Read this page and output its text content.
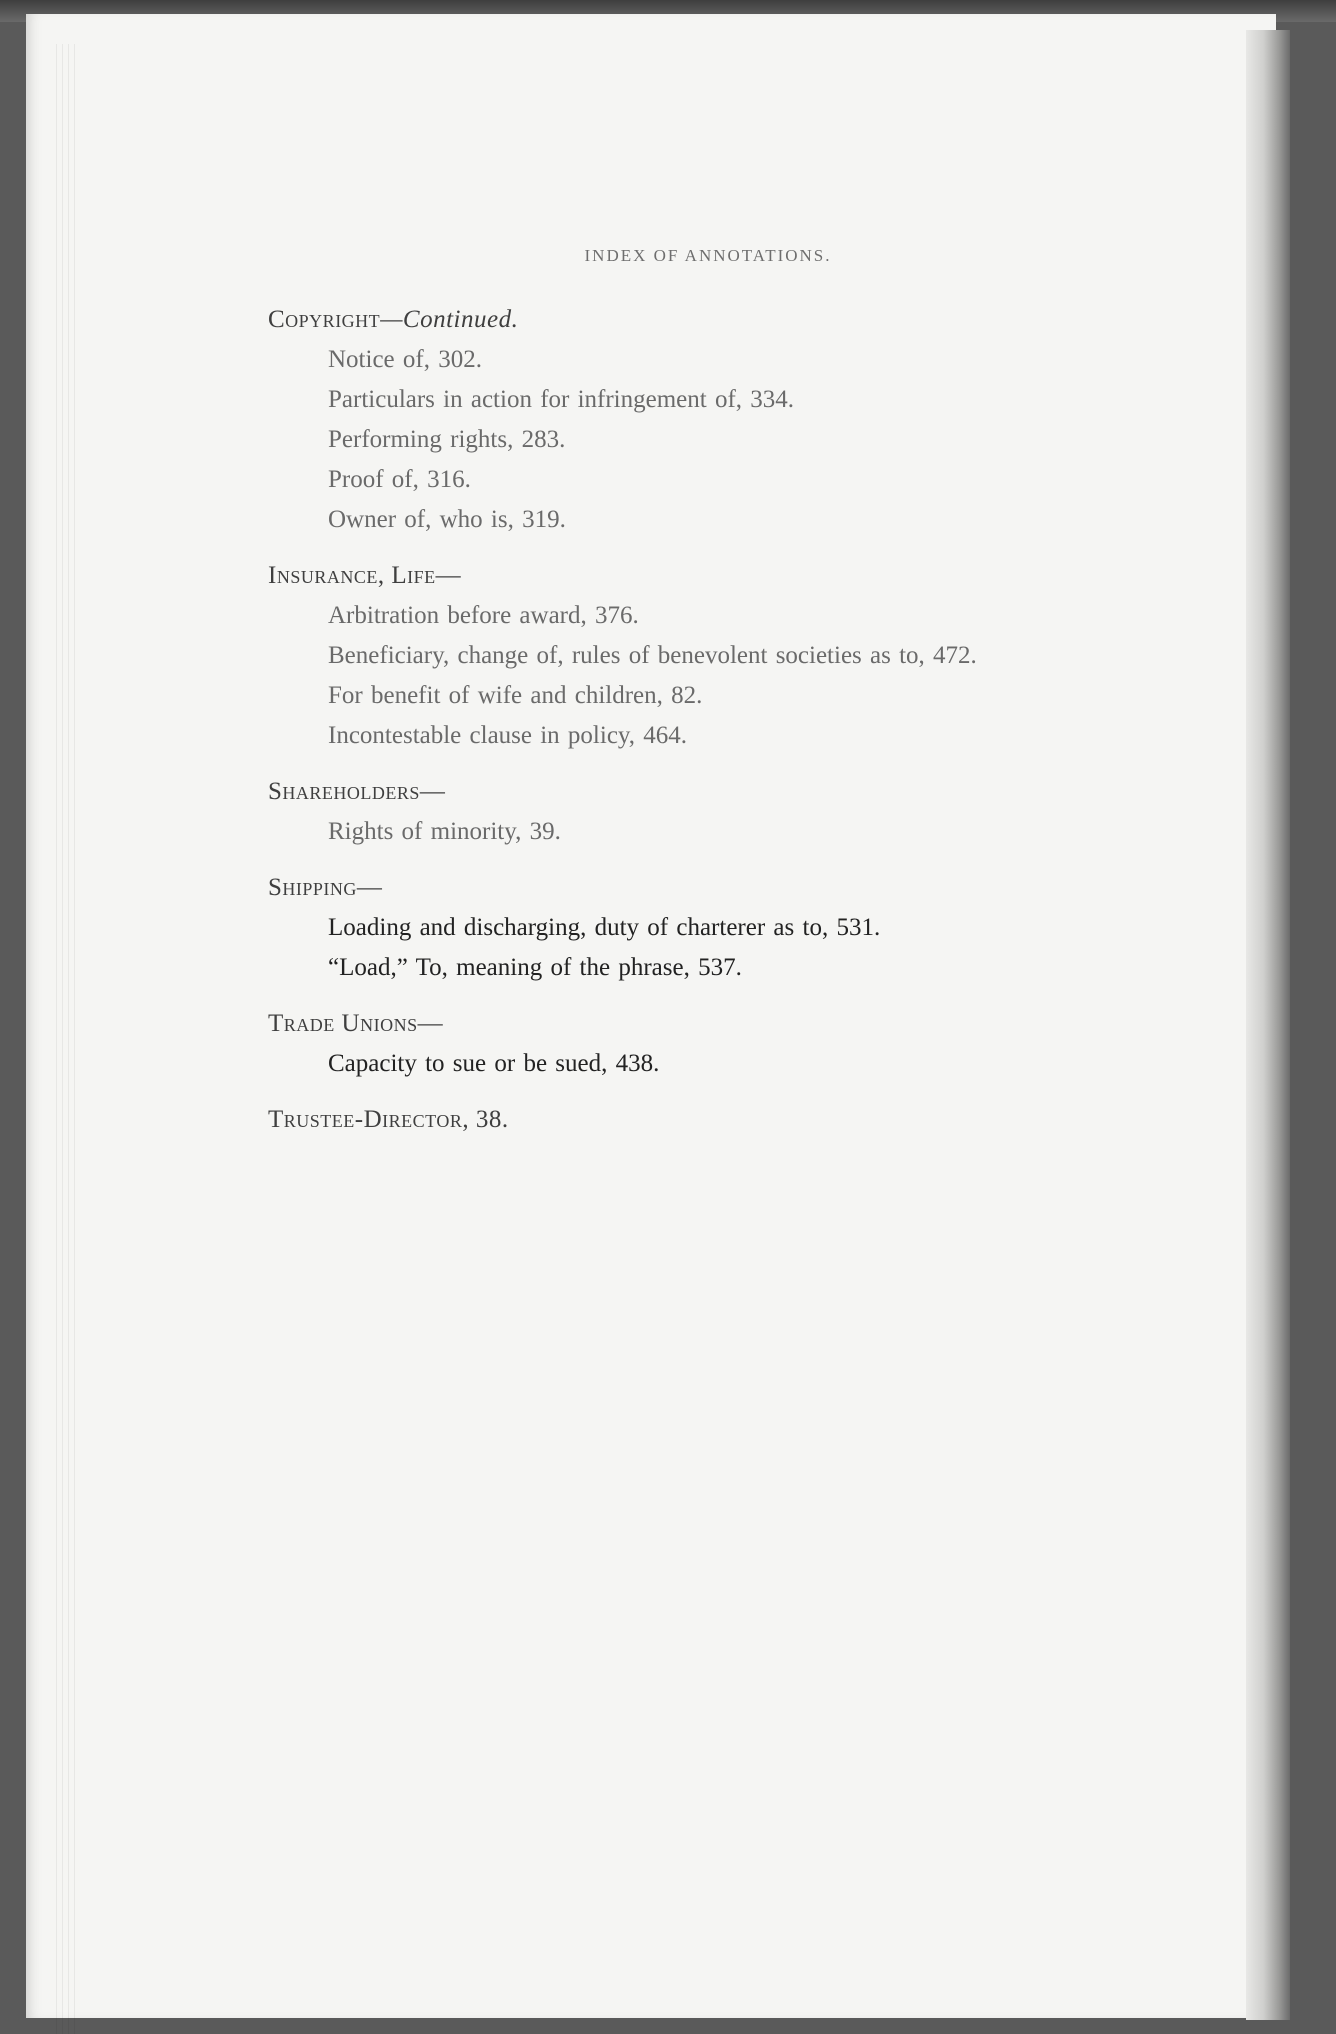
INDEX OF ANNOTATIONS.
Copyright—Continued.
Notice of, 302.
Particulars in action for infringement of, 334.
Performing rights, 283.
Proof of, 316.
Owner of, who is, 319.
Insurance, Life—
Arbitration before award, 376.
Beneficiary, change of, rules of benevolent societies as to, 472.
For benefit of wife and children, 82.
Incontestable clause in policy, 464.
Shareholders—
Rights of minority, 39.
Shipping—
Loading and discharging, duty of charterer as to, 531.
“Load,” To, meaning of the phrase, 537.
Trade Unions—
Capacity to sue or be sued, 438.
Trustee-Director, 38.
